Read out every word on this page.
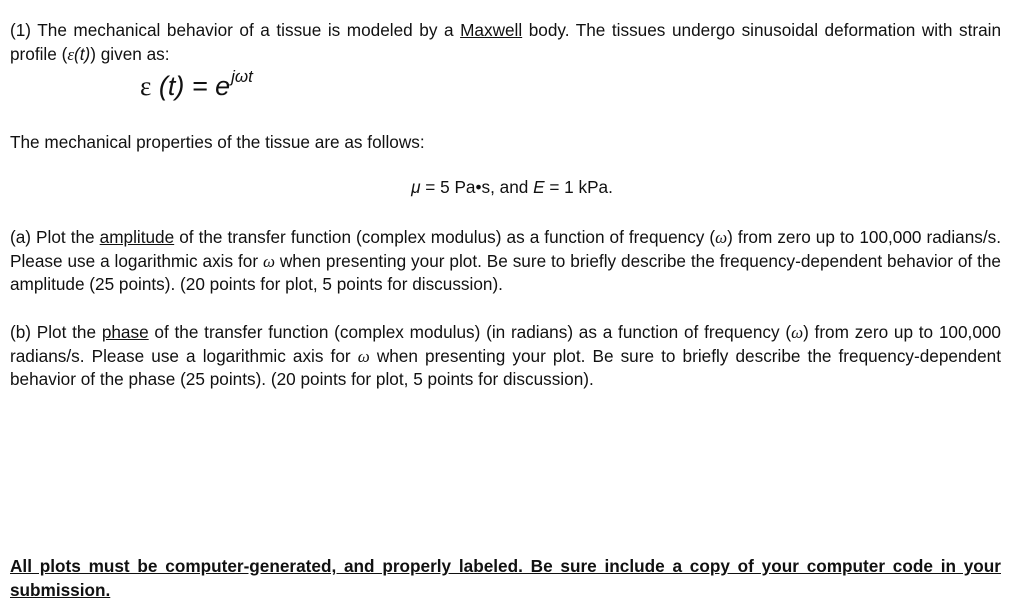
(1) The mechanical behavior of a tissue is modeled by a Maxwell body. The tissues undergo sinusoidal deformation with strain profile (ε(t)) given as:

ε $(t) = e^{j\omega t}$
The mechanical properties of the tissue are as follows:
μ = 5 Pa•s, and E = 1 kPa.

(a) Plot the amplitude of the transfer function (complex modulus) as a function of frequency (ω) from zero up to 100,000 radians/s. Please use a logarithmic axis for ω when presenting your plot. Be sure to briefly describe the frequency-dependent behavior of the amplitude (25 points). (20 points for plot, 5 points for discussion).

(b) Plot the phase of the transfer function (complex modulus) (in radians) as a function of frequency (ω) from zero up to 100,000 radians/s. Please use a logarithmic axis for ω when presenting your plot. Be sure to briefly describe the frequency-dependent behavior of the phase (25 points). (20 points for plot, 5 points for discussion).

All plots must be computer-generated, and properly labeled. Be sure include a copy of your computer code in your submission.
